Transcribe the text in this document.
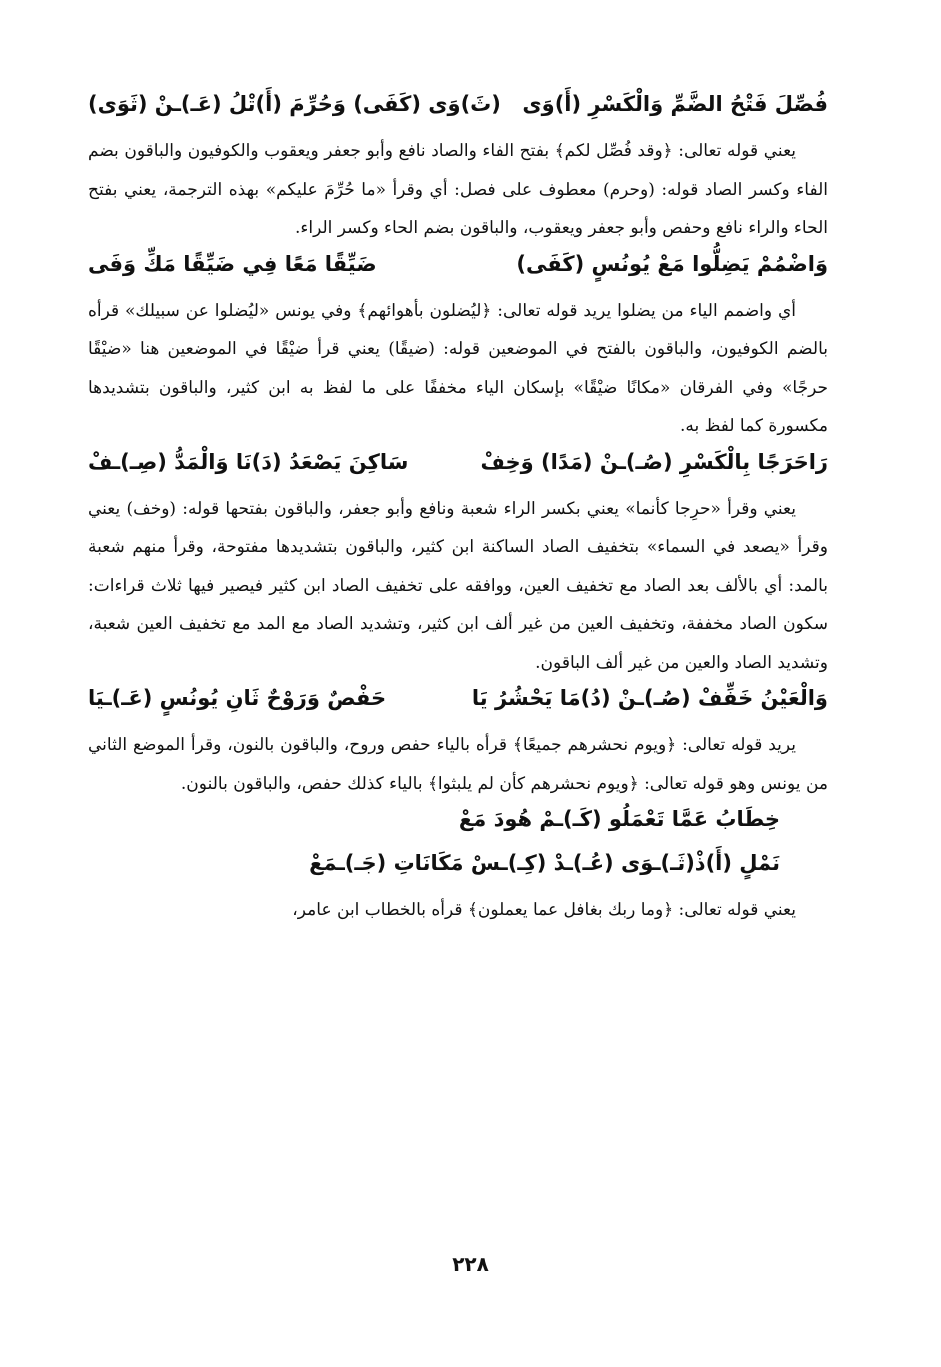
فُصِّلَ فَتْحُ الضَّمِّ وَالْكَسْرِ (أَ)وَى
(ثَ)وَى (كَفَى) وَحُرِّمَ (أَ)تْلُ (عَـ)ـنْ (ثَوَى)

يعني قوله تعالى: ﴿وقد فُصِّل لكم﴾ بفتح الفاء والصاد نافع وأبو جعفر ويعقوب والكوفيون والباقون بضم الفاء وكسر الصاد قوله: (وحرم) معطوف على فصل: أي وقرأ «ما حُرِّمَ عليكم» بهذه الترجمة، يعني بفتح الحاء والراء نافع وحفص وأبو جعفر ويعقوب، والباقون بضم الحاء وكسر الراء.

وَاضْمُمْ يَضِلُّوا مَعْ يُونُسٍ (كَفَى)
ضَيِّقًا مَعًا فِي ضَيِّقًا مَكِّ وَفَى

أي واضمم الياء من يضلوا يريد قوله تعالى: ﴿ليُضلون بأهوائهم﴾ وفي يونس «ليُضلوا عن سبيلك» قرأه بالضم الكوفيون، والباقون بالفتح في الموضعين قوله: (ضيقًا) يعني قرأ ضيْقًا في الموضعين هنا «ضيْقًا حرجًا» وفي الفرقان «مكانًا ضيْقًا» بإسكان الياء مخففًا على ما لفظ به ابن كثير، والباقون بتشديدها مكسورة كما لفظ به.

رَاحَرَجًا بِالْكَسْرِ (صُـ)ـنْ (مَدًا) وَخِفْ
سَاكِنَ يَصْعَدُ (دَ)نَا وَالْمَدُّ (صِـ)ـفْ

يعني وقرأ «حرِجا كأنما» يعني بكسر الراء شعبة ونافع وأبو جعفر، والباقون بفتحها قوله: (وخف) يعني وقرأ «يصعد في السماء» بتخفيف الصاد الساكنة ابن كثير، والباقون بتشديدها مفتوحة، وقرأ منهم شعبة بالمد: أي بالألف بعد الصاد مع تخفيف العين، ووافقه على تخفيف الصاد ابن كثير فيصير فيها ثلاث قراءات: سكون الصاد مخففة، وتخفيف العين من غير ألف ابن كثير، وتشديد الصاد مع المد مع تخفيف العين شعبة، وتشديد الصاد والعين من غير ألف الباقون.

وَالْعَيْنُ خَفِّفْ (صُـ)ـنْ (دُ)مَا يَحْشُرُ يَا
حَفْصٌ وَرَوْحٌ ثَانِ يُونُسٍ (عَـ)ـيَا

يريد قوله تعالى: ﴿ويوم نحشرهم جميعًا﴾ قرأه بالياء حفص وروح، والباقون بالنون، وقرأ الموضع الثاني من يونس وهو قوله تعالى: ﴿ويوم نحشرهم كأن لم يلبثوا﴾ بالياء كذلك حفص، والباقون بالنون.

خِطَابُ عَمَّا تَعْمَلُو (كَـ)ـمْ هُودَ مَعْ
نَمْلٍ (أَ)ذْ(ثَـ)ـوَى (عُـ)ـدْ (كِـ)ـسْ مَكَانَاتِ (جَـ)ـمَعْ

يعني قوله تعالى: ﴿وما ربك بغافل عما يعملون﴾ قرأه بالخطاب ابن عامر،

٢٢٨
